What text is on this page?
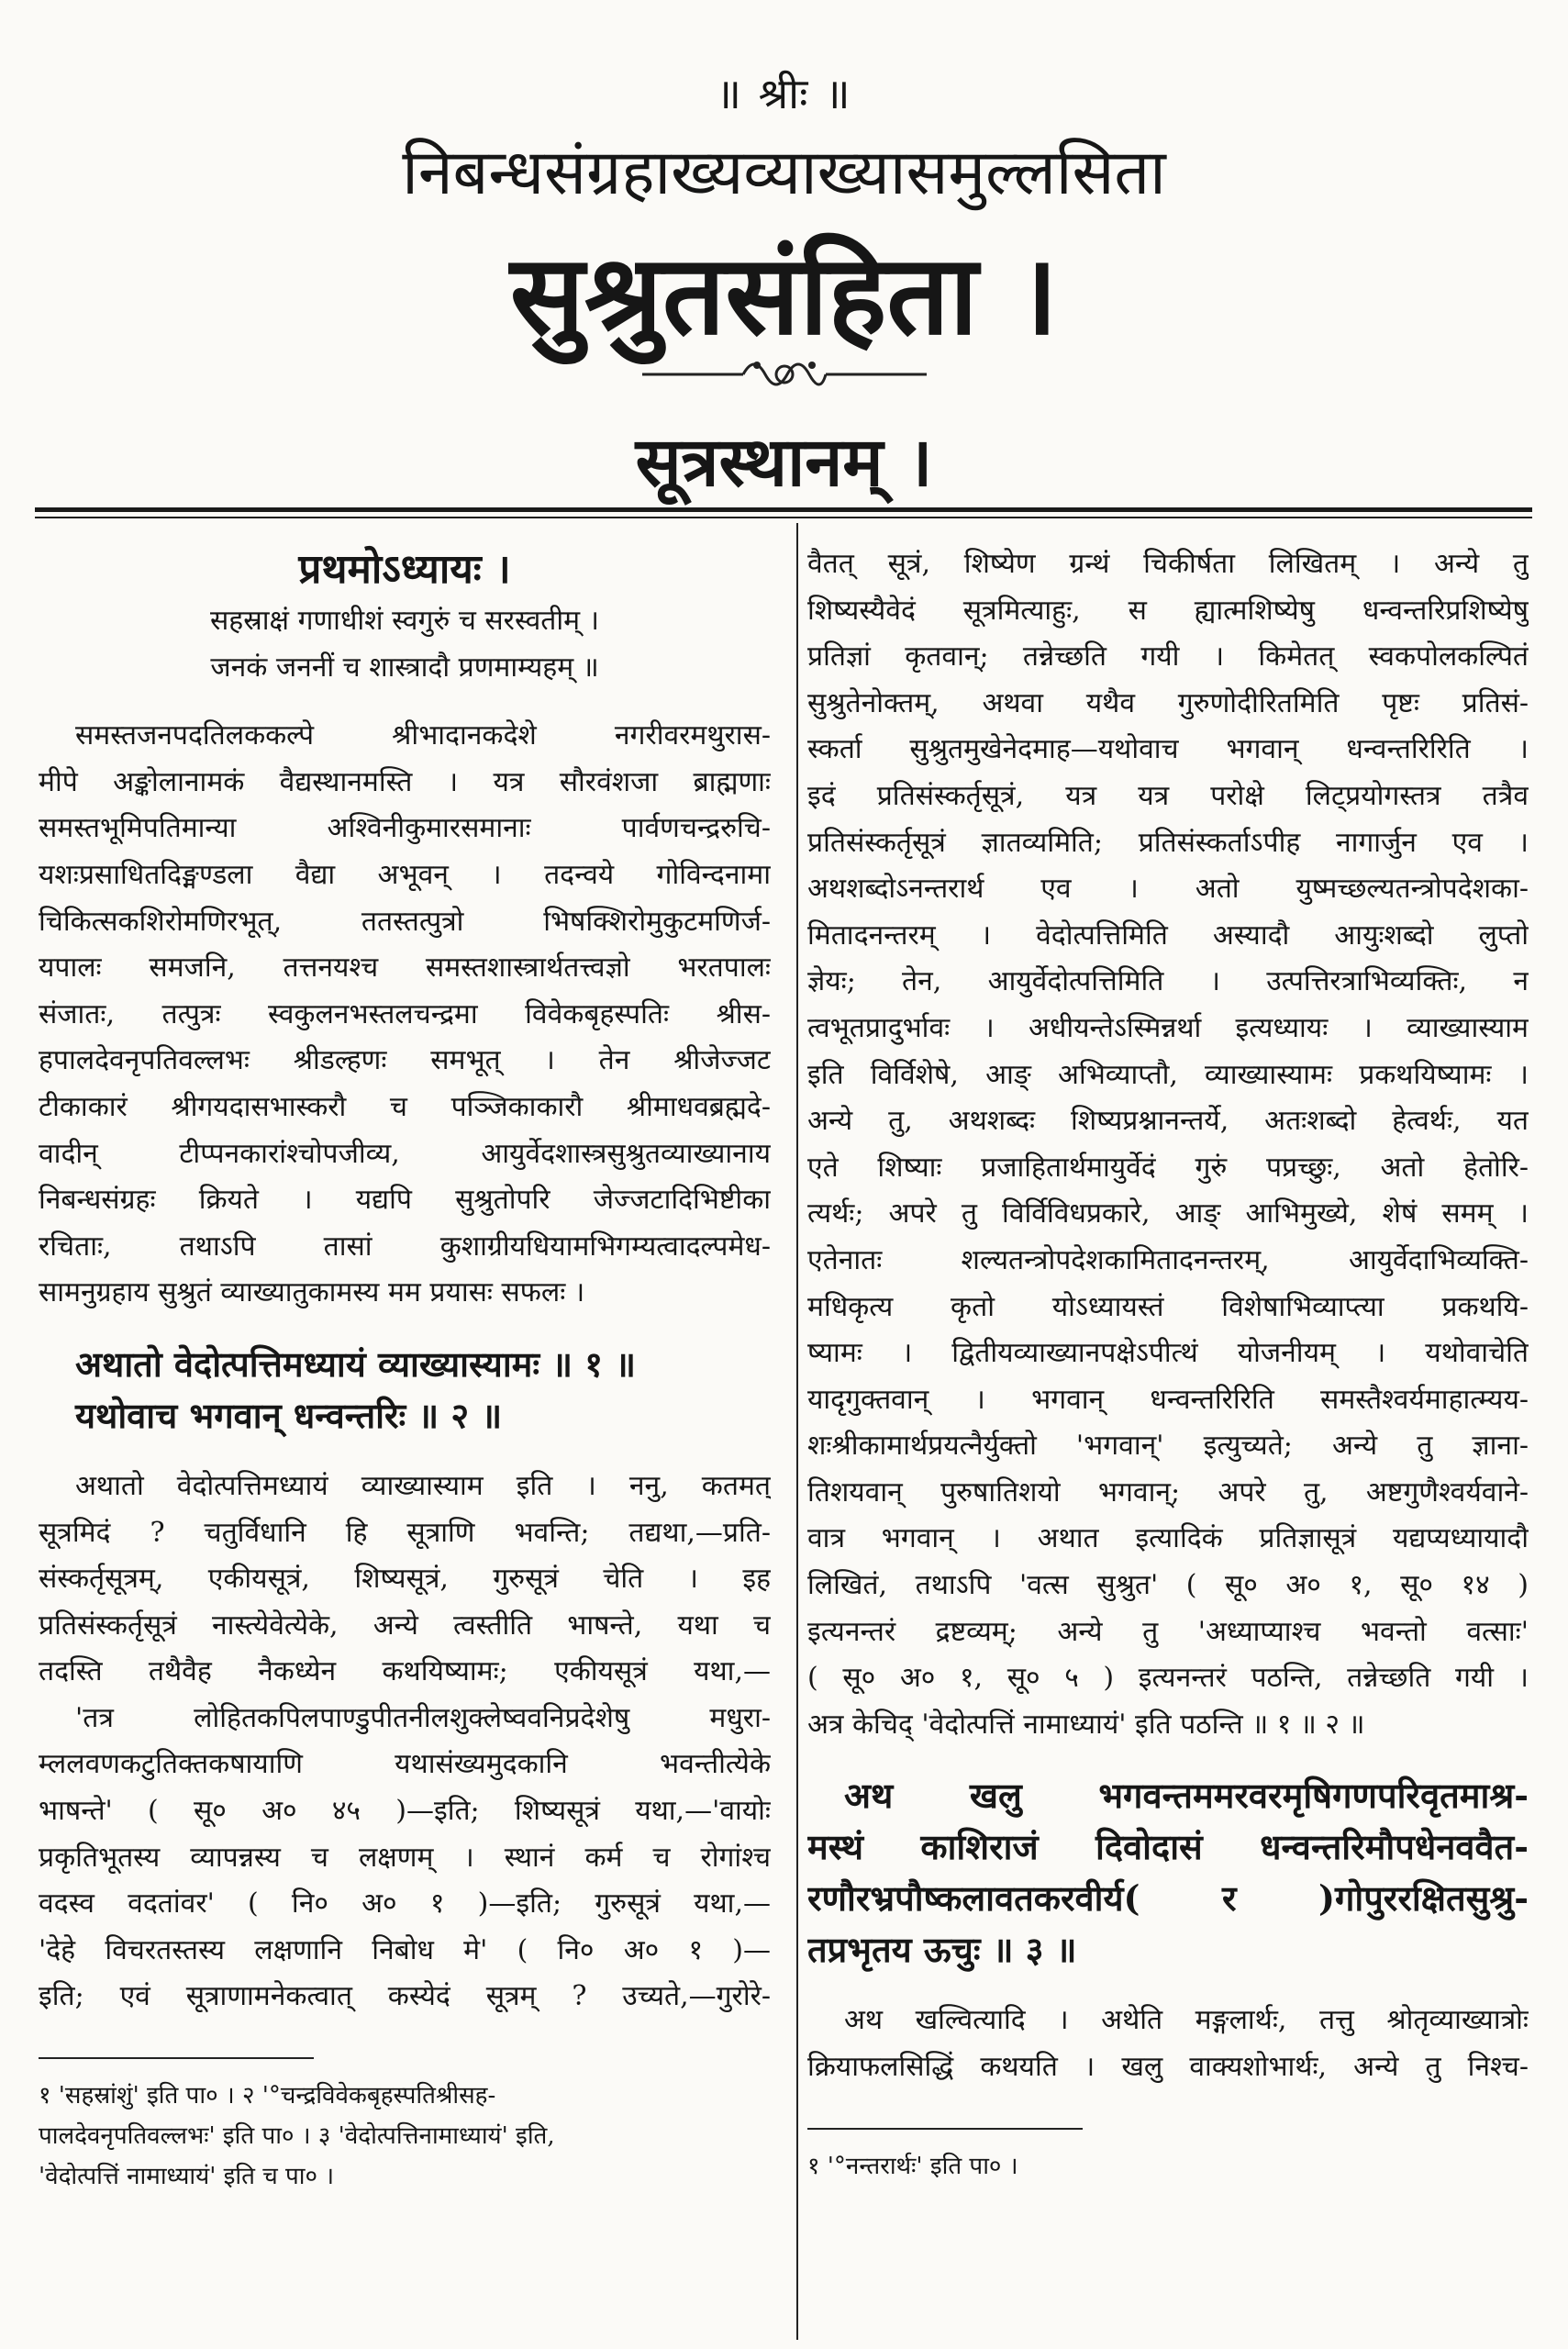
॥ श्रीः ॥
निबन्धसंग्रहाख्यव्याख्यासमुल्लसिता
सुश्रुतसंहिता ।
सूत्रस्थानम् ।
प्रथमोऽध्यायः ।
सहस्राक्षं गणाधीशं स्वगुरुं च सरस्वतीम् ।
जनकं जननीं च शास्त्रादौ प्रणमाम्यहम् ॥
समस्तजनपदतिलककल्पे श्रीभादानकदेशे नगरीवरमथुरास-
मीपे अङ्कोलानामकं वैद्यस्थानमस्ति । यत्र सौरवंशजा ब्राह्मणाः
समस्तभूमिपतिमान्या अश्विनीकुमारसमानाः पार्वणचन्द्ररुचि-
यशःप्रसाधितदिङ्मण्डला वैद्या अभूवन् । तदन्वये गोविन्दनामा
चिकित्सकशिरोमणिरभूत्, ततस्तत्पुत्रो भिषक्शिरोमुकुटमणिर्ज-
यपालः समजनि, तत्तनयश्च समस्तशास्त्रार्थतत्त्वज्ञो भरतपालः
संजातः, तत्पुत्रः स्वकुलनभस्तलचन्द्रमा विवेकबृहस्पतिः श्रीस-
हपालदेवनृपतिवल्लभः श्रीडल्हणः समभूत् । तेन श्रीजेज्जट
टीकाकारं श्रीगयदासभास्करौ च पञ्जिकाकारौ श्रीमाधवब्रह्मदे-
वादीन् टीप्पनकारांश्चोपजीव्य, आयुर्वेदशास्त्रसुश्रुतव्याख्यानाय
निबन्धसंग्रहः क्रियते । यद्यपि सुश्रुतोपरि जेज्जटादिभिष्टीका
रचिताः, तथाऽपि तासां कुशाग्रीयधियामभिगम्यत्वादल्पमेध-
सामनुग्रहाय सुश्रुतं व्याख्यातुकामस्य मम प्रयासः सफलः ।
अथातो वेदोत्पत्तिमध्यायं व्याख्यास्यामः ॥ १ ॥
यथोवाच भगवान् धन्वन्तरिः ॥ २ ॥
अथातो वेदोत्पत्तिमध्यायं व्याख्यास्याम इति । ननु, कतमत्
सूत्रमिदं ? चतुर्विधानि हि सूत्राणि भवन्ति; तद्यथा,—प्रति-
संस्कर्तृसूत्रम्, एकीयसूत्रं, शिष्यसूत्रं, गुरुसूत्रं चेति । इह
प्रतिसंस्कर्तृसूत्रं नास्त्येवेत्येके, अन्ये त्वस्तीति भाषन्ते, यथा च
तदस्ति तथैवैह नैकध्येन कथयिष्यामः; एकीयसूत्रं यथा,—
'तत्र लोहितकपिलपाण्डुपीतनीलशुक्लेष्ववनिप्रदेशेषु मधुरा-
म्ललवणकटुतिक्तकषायाणि यथासंख्यमुदकानि भवन्तीत्येके
भाषन्ते' ( सू० अ० ४५ )—इति; शिष्यसूत्रं यथा,—'वायोः
प्रकृतिभूतस्य व्यापन्नस्य च लक्षणम् । स्थानं कर्म च रोगांश्च
वदस्व वदतांवर' ( नि० अ० १ )—इति; गुरुसूत्रं यथा,—
'देहे विचरतस्तस्य लक्षणानि निबोध मे' ( नि० अ० १ )—
इति; एवं सूत्राणामनेकत्वात् कस्येदं सूत्रम् ? उच्यते,—गुरोरे-
१ 'सहस्रांशुं' इति पा० । २ '°चन्द्रविवेकबृहस्पतिश्रीसह-
पालदेवनृपतिवल्लभः' इति पा० । ३ 'वेदोत्पत्तिनामाध्यायं' इति,
'वेदोत्पत्तिं नामाध्यायं' इति च पा० ।
वैतत् सूत्रं, शिष्येण ग्रन्थं चिकीर्षता लिखितम् । अन्ये तु
शिष्यस्यैवेदं सूत्रमित्याहुः, स ह्यात्मशिष्येषु धन्वन्तरिप्रशिष्येषु
प्रतिज्ञां कृतवान्; तन्नेच्छति गयी । किमेतत् स्वकपोलकल्पितं
सुश्रुतेनोक्तम्, अथवा यथैव गुरुणोदीरितमिति पृष्टः प्रतिसं-
स्कर्ता सुश्रुतमुखेनेदमाह—यथोवाच भगवान् धन्वन्तरिरिति ।
इदं प्रतिसंस्कर्तृसूत्रं, यत्र यत्र परोक्षे लिट्प्रयोगस्तत्र तत्रैव
प्रतिसंस्कर्तृसूत्रं ज्ञातव्यमिति; प्रतिसंस्कर्ताऽपीह नागार्जुन एव ।
अथशब्दोऽनन्तरार्थ एव । अतो युष्मच्छल्यतन्त्रोपदेशका-
मितादनन्तरम् । वेदोत्पत्तिमिति अस्यादौ आयुःशब्दो लुप्तो
ज्ञेयः; तेन, आयुर्वेदोत्पत्तिमिति । उत्पत्तिरत्राभिव्यक्तिः, न
त्वभूतप्रादुर्भावः । अधीयन्तेऽस्मिन्नर्था इत्यध्यायः । व्याख्यास्याम
इति विर्विशेषे, आङ् अभिव्याप्तौ, व्याख्यास्यामः प्रकथयिष्यामः ।
अन्ये तु, अथशब्दः शिष्यप्रश्नानन्तर्ये, अतःशब्दो हेत्वर्थः, यत
एते शिष्याः प्रजाहितार्थमायुर्वेदं गुरुं पप्रच्छुः, अतो हेतोरि-
त्यर्थः; अपरे तु विर्विविधप्रकारे, आङ् आभिमुख्ये, शेषं समम् ।
एतेनातः शल्यतन्त्रोपदेशकामितादनन्तरम्, आयुर्वेदाभिव्यक्ति-
मधिकृत्य कृतो योऽध्यायस्तं विशेषाभिव्याप्त्या प्रकथयि-
ष्यामः । द्वितीयव्याख्यानपक्षेऽपीत्थं योजनीयम् । यथोवाचेति
यादृगुक्तवान् । भगवान् धन्वन्तरिरिति समस्तैश्वर्यमाहात्म्यय-
शःश्रीकामार्थप्रयत्नैर्युक्तो 'भगवान्' इत्युच्यते; अन्ये तु ज्ञाना-
तिशयवान् पुरुषातिशयो भगवान्; अपरे तु, अष्टगुणैश्वर्यवाने-
वात्र भगवान् । अथात इत्यादिकं प्रतिज्ञासूत्रं यद्यप्यध्यायादौ
लिखितं, तथाऽपि 'वत्स सुश्रुत' ( सू० अ० १, सू० १४ )
इत्यनन्तरं द्रष्टव्यम्; अन्ये तु 'अध्याप्याश्च भवन्तो वत्साः'
( सू० अ० १, सू० ५ ) इत्यनन्तरं पठन्ति, तन्नेच्छति गयी ।
अत्र केचिद् 'वेदोत्पत्तिं नामाध्यायं' इति पठन्ति ॥ १ ॥ २ ॥
अथ खलु भगवन्तममरवरमृषिगणपरिवृतमाश्र-
मस्थं काशिराजं दिवोदासं धन्वन्तरिमौपधेनववैत-
रणौरभ्रपौष्कलावतकरवीर्य( र )गोपुररक्षितसुश्रु-
तप्रभृतय ऊचुः ॥ ३ ॥
अथ खल्वित्यादि । अथेति मङ्गलार्थः, तत्तु श्रोतृव्याख्यात्रोः
क्रियाफलसिद्धिं कथयति । खलु वाक्यशोभार्थः, अन्ये तु निश्च-
१ '°नन्तरार्थः' इति पा० ।
